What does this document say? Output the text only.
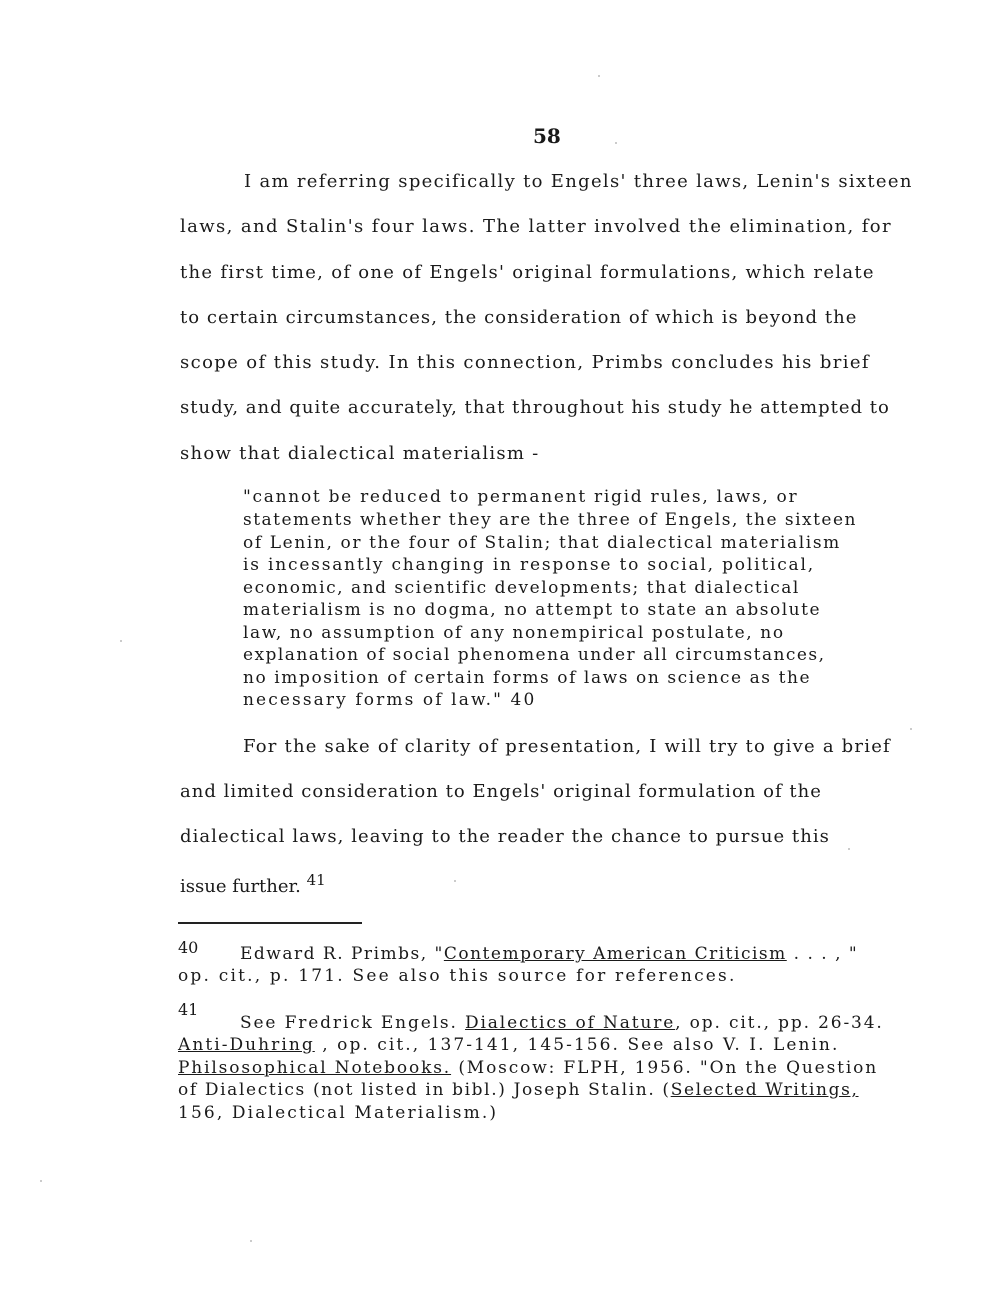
58
I am referring specifically to Engels' three laws, Lenin's sixteen
laws, and Stalin's four laws. The latter involved the elimination, for
the first time, of one of Engels' original formulations, which relate
to certain circumstances, the consideration of which is beyond the
scope of this study. In this connection, Primbs concludes his brief
study, and quite accurately, that throughout his study he attempted to
show that dialectical materialism -
"cannot be reduced to permanent rigid rules, laws, or
statements whether they are the three of Engels, the sixteen
of Lenin, or the four of Stalin; that dialectical materialism
is incessantly changing in response to social, political,
economic, and scientific developments; that dialectical
materialism is no dogma, no attempt to state an absolute
law, no assumption of any nonempirical postulate, no
explanation of social phenomena under all circumstances,
no imposition of certain forms of laws on science as the
necessary forms of law." 40
For the sake of clarity of presentation, I will try to give a brief
and limited consideration to Engels' original formulation of the
dialectical laws, leaving to the reader the chance to pursue this
issue further. $^{41}$
40 Edward R. Primbs, "Contemporary American Criticism . . . , "
op. cit., p. 171. See also this source for references.
41
See Fredrick Engels. Dialectics of Nature, op. cit., pp. 26-34.
Anti-Duhring , op. cit., 137-141, 145-156. See also V. I. Lenin.
Philsosophical Notebooks. (Moscow: FLPH, 1956. "On the Question
of Dialectics (not listed in bibl.) Joseph Stalin. (Selected Writings,
156, Dialectical Materialism.)
